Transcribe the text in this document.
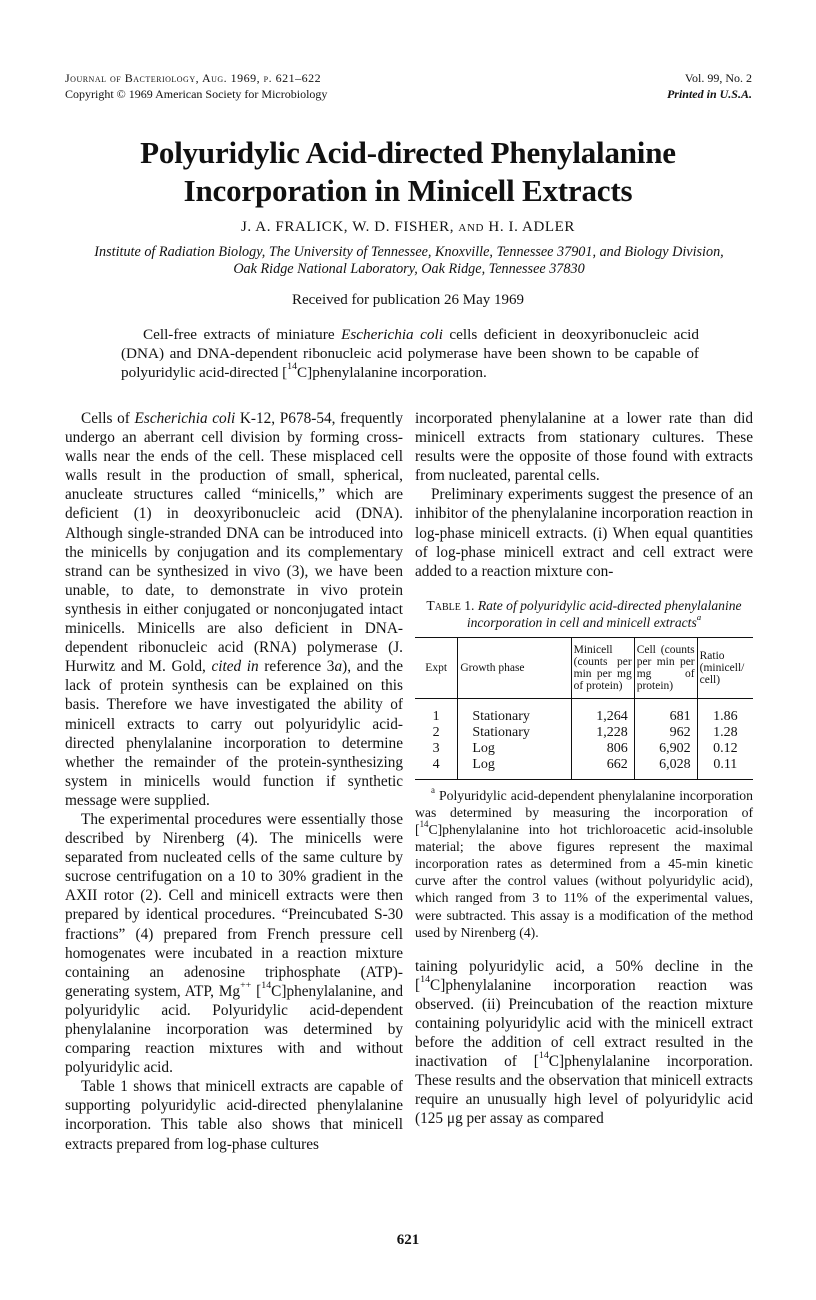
Journal of Bacteriology, Aug. 1969, p. 621–622
Copyright © 1969 American Society for Microbiology
Vol. 99, No. 2
Printed in U.S.A.
Polyuridylic Acid-directed Phenylalanine
Incorporation in Minicell Extracts
J. A. FRALICK, W. D. FISHER, AND H. I. ADLER
Institute of Radiation Biology, The University of Tennessee, Knoxville, Tennessee 37901, and Biology Division,
Oak Ridge National Laboratory, Oak Ridge, Tennessee 37830
Received for publication 26 May 1969

Cell-free extracts of miniature Escherichia coli cells deficient in deoxyribonucleic acid (DNA) and DNA-dependent ribonucleic acid polymerase have been shown to be capable of polyuridylic acid-directed [$^{14}$C]phenylalanine incorporation.

Cells of Escherichia coli K-12, P678-54, frequently undergo an aberrant cell division by forming cross-walls near the ends of the cell. These misplaced cell walls result in the production of small, spherical, anucleate structures called “minicells,” which are deficient (1) in deoxyribonucleic acid (DNA). Although single-stranded DNA can be introduced into the minicells by conjugation and its complementary strand can be synthesized in vivo (3), we have been unable, to date, to demonstrate in vivo protein synthesis in either conjugated or nonconjugated intact minicells. Minicells are also deficient in DNA-dependent ribonucleic acid (RNA) polymerase (J. Hurwitz and M. Gold, cited in reference 3a), and the lack of protein synthesis can be explained on this basis. Therefore we have investigated the ability of minicell extracts to carry out polyuridylic acid-directed phenylalanine incorporation to determine whether the remainder of the protein-synthesizing system in minicells would function if synthetic message were supplied.

The experimental procedures were essentially those described by Nirenberg (4). The minicells were separated from nucleated cells of the same culture by sucrose centrifugation on a 10 to 30% gradient in the AXII rotor (2). Cell and minicell extracts were then prepared by identical procedures. “Preincubated S-30 fractions” (4) prepared from French pressure cell homogenates were incubated in a reaction mixture containing an adenosine triphosphate (ATP)-generating system, ATP, Mg++ [$^{14}$C]phenylalanine, and polyuridylic acid. Polyuridylic acid-dependent phenylalanine incorporation was determined by comparing reaction mixtures with and without polyuridylic acid.

Table 1 shows that minicell extracts are capable of supporting polyuridylic acid-directed phenylalanine incorporation. This table also shows that minicell extracts prepared from log-phase cultures

incorporated phenylalanine at a lower rate than did minicell extracts from stationary cultures. These results were the opposite of those found with extracts from nucleated, parental cells.

Preliminary experiments suggest the presence of an inhibitor of the phenylalanine incorporation reaction in log-phase minicell extracts. (i) When equal quantities of log-phase minicell extract and cell extract were added to a reaction mixture con-

Table 1. Rate of polyuridylic acid-directed phenylalanine incorporation in cell and minicell extracts$^a$
Expt	Growth phase	Minicell (counts per min per mg of protein)	Cell (counts per min per mg of protein)	Ratio (minicell/ cell)
1	Stationary	1,264	681	1.86
2	Stationary	1,228	962	1.28
3	Log	806	6,902	0.12
4	Log	662	6,028	0.11

$^a$ Polyuridylic acid-dependent phenylalanine incorporation was determined by measuring the incorporation of [$^{14}$C]phenylalanine into hot trichloroacetic acid-insoluble material; the above figures represent the maximal incorporation rates as determined from a 45-min kinetic curve after the control values (without polyuridylic acid), which ranged from 3 to 11% of the experimental values, were subtracted. This assay is a modification of the method used by Nirenberg (4).

taining polyuridylic acid, a 50% decline in the [$^{14}$C]phenylalanine incorporation reaction was observed. (ii) Preincubation of the reaction mixture containing polyuridylic acid with the minicell extract before the addition of cell extract resulted in the inactivation of [$^{14}$C]phenylalanine incorporation. These results and the observation that minicell extracts require an unusually high level of polyuridylic acid (125 μg per assay as compared

621
